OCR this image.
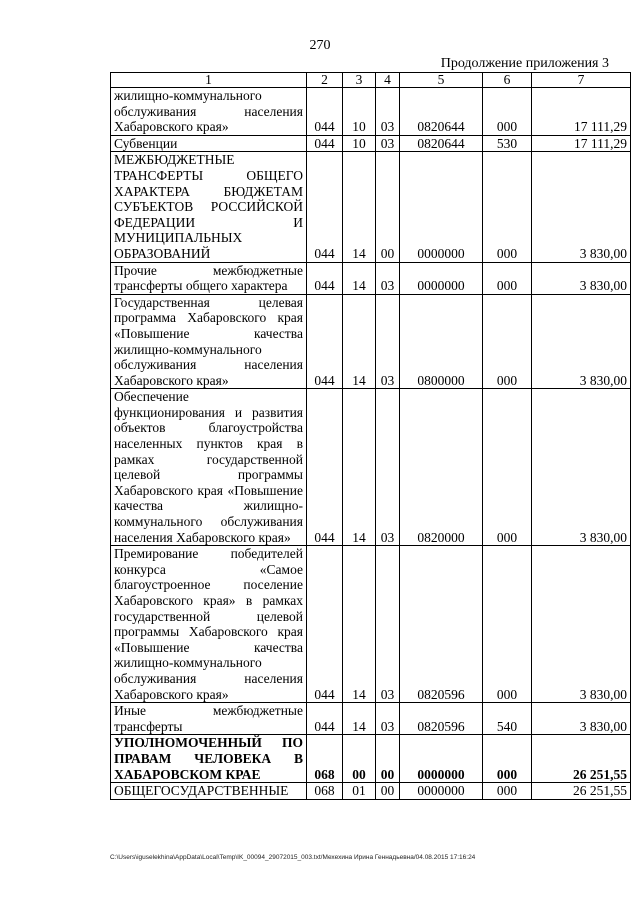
270
Продолжение приложения 3
1	2	3	4	5	6	7
жилищно-коммунального обслуживания населения Хабаровского края»	044	10	03	0820644	000	17 111,29
Субвенции	044	10	03	0820644	530	17 111,29
МЕЖБЮДЖЕТНЫЕ ТРАНСФЕРТЫ ОБЩЕГО ХАРАКТЕРА БЮДЖЕТАМ СУБЪЕКТОВ РОССИЙСКОЙ ФЕДЕРАЦИИ И МУНИЦИПАЛЬНЫХ ОБРАЗОВАНИЙ	044	14	00	0000000	000	3 830,00
Прочие межбюджетные трансферты общего характера	044	14	03	0000000	000	3 830,00
Государственная целевая программа Хабаровского края «Повышение качества жилищно-коммунального обслуживания населения Хабаровского края»	044	14	03	0800000	000	3 830,00
Обеспечение функционирования и развития объектов благоустройства населенных пунктов края в рамках государственной целевой программы Хабаровского края «Повышение качества жилищно-коммунального обслуживания населения Хабаровского края»	044	14	03	0820000	000	3 830,00
Премирование победителей конкурса «Самое благоустроенное поселение Хабаровского края» в рамках государственной целевой программы Хабаровского края «Повышение качества жилищно-коммунального обслуживания населения Хабаровского края»	044	14	03	0820596	000	3 830,00
Иные межбюджетные трансферты	044	14	03	0820596	540	3 830,00
УПОЛНОМОЧЕННЫЙ ПО ПРАВАМ ЧЕЛОВЕКА В ХАБАРОВСКОМ КРАЕ	068	00	00	0000000	000	26 251,55
ОБЩЕГОСУДАРСТВЕННЫЕ	068	01	00	0000000	000	26 251,55
C:\Users\iguselekhina\AppData\Local\Temp\IK_00094_29072015_003.txt/Мехехина Ирина Геннадьевна/04.08.2015 17:16:24
